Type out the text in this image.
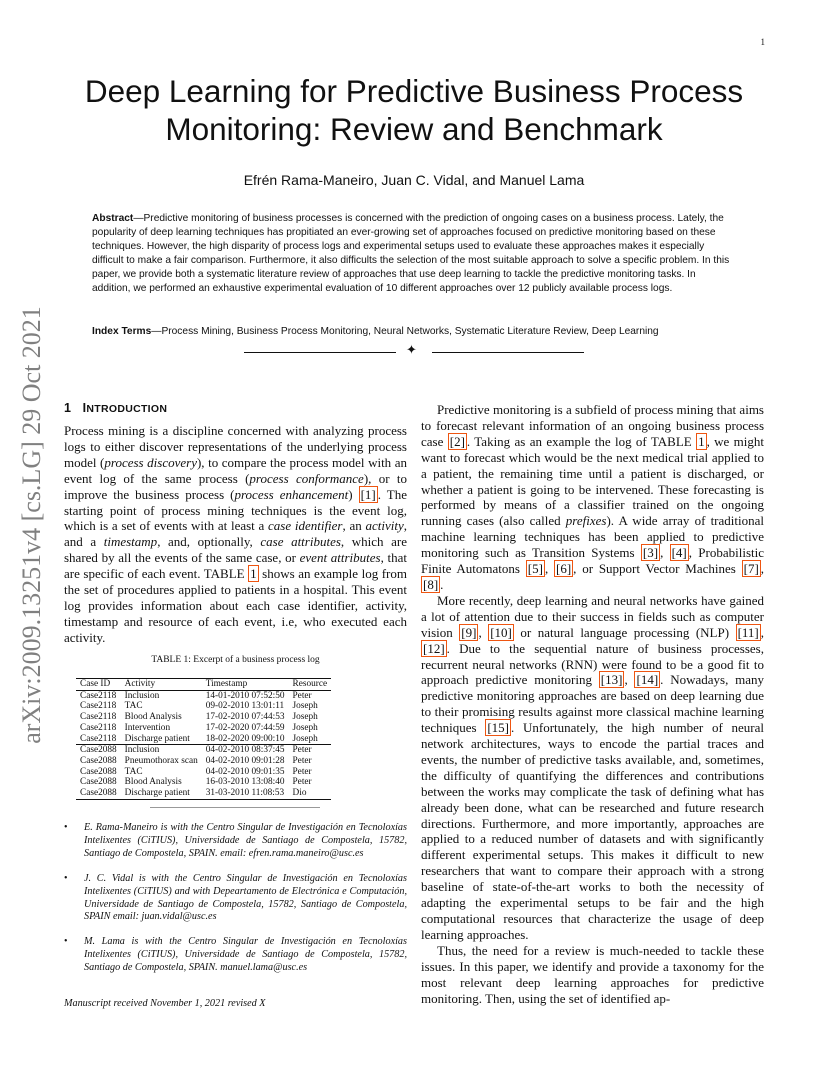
1
Deep Learning for Predictive Business Process Monitoring: Review and Benchmark
Efrén Rama-Maneiro, Juan C. Vidal, and Manuel Lama

Abstract—Predictive monitoring of business processes is concerned with the prediction of ongoing cases on a business process. Lately, the popularity of deep learning techniques has propitiated an ever-growing set of approaches focused on predictive monitoring based on these techniques. However, the high disparity of process logs and experimental setups used to evaluate these approaches makes it especially difficult to make a fair comparison. Furthermore, it also difficults the selection of the most suitable approach to solve a specific problem. In this paper, we provide both a systematic literature review of approaches that use deep learning to tackle the predictive monitoring tasks. In addition, we performed an exhaustive experimental evaluation of 10 different approaches over 12 publicly available process logs.

Index Terms—Process Mining, Business Process Monitoring, Neural Networks, Systematic Literature Review, Deep Learning

✦
arXiv:2009.13251v4 [cs.LG] 29 Oct 2021 1 INTRODUCTION

Process mining is a discipline concerned with analyzing process logs to either discover representations of the underlying process model (process discovery), to compare the process model with an event log of the same process (process conformance), or to improve the business process (process enhancement) [1] . The starting point of process mining techniques is the event log, which is a set of events with at least a case identifier, an activity, and a timestamp, and, optionally, case attributes, which are shared by all the events of the same case, or event attributes, that are specific of each event. TABLE 1 shows an example log from the set of procedures applied to patients in a hospital. This event log provides information about each case identifier, activity, timestamp and resource of each event, i.e, who executed each activity.

TABLE 1: Excerpt of a business process log
Case ID	Activity	Timestamp	Resource
Case2118	Inclusion	14-01-2010 07:52:50	Peter
Case2118	TAC	09-02-2010 13:01:11	Joseph
Case2118	Blood Analysis	17-02-2010 07:44:53	Joseph
Case2118	Intervention	17-02-2020 07:44:59	Joseph
Case2118	Discharge patient	18-02-2020 09:00:10	Joseph
Case2088	Inclusion	04-02-2010 08:37:45	Peter
Case2088	Pneumothorax scan	04-02-2010 09:01:28	Peter
Case2088	TAC	04-02-2010 09:01:35	Peter
Case2088	Blood Analysis	16-03-2010 13:08:40	Peter
Case2088	Discharge patient	31-03-2010 11:08:53	Dio
• E. Rama-Maneiro is with the Centro Singular de Investigación en Tecnoloxías Intelixentes (CiTIUS), Universidade de Santiago de Compostela, 15782, Santiago de Compostela, SPAIN. email: efren.rama.maneiro@usc.es
• J. C. Vidal is with the Centro Singular de Investigación en Tecnoloxías Intelixentes (CiTIUS) and with Depeartamento de Electrónica e Computación, Universidade de Santiago de Compostela, 15782, Santiago de Compostela, SPAIN email: juan.vidal@usc.es
• M. Lama is with the Centro Singular de Investigación en Tecnoloxías Intelixentes (CiTIUS), Universidade de Santiago de Compostela, 15782, Santiago de Compostela, SPAIN. manuel.lama@usc.es
Manuscript received November 1, 2021 revised X

Predictive monitoring is a subfield of process mining that aims to forecast relevant information of an ongoing business process case [2] . Taking as an example the log of TABLE 1 , we might want to forecast which would be the next medical trial applied to a patient, the remaining time until a patient is discharged, or whether a patient is going to be intervened. These forecasting is performed by means of a classifier trained on the ongoing running cases (also called prefixes). A wide array of traditional machine learning techniques has been applied to predictive monitoring such as Transition Systems [3] , [4] , Probabilistic Finite Automatons [5] , [6] , or Support Vector Machines [7] , [8] .

More recently, deep learning and neural networks have gained a lot of attention due to their success in fields such as computer vision [9] , [10] or natural language processing (NLP) [11] , [12] . Due to the sequential nature of business processes, recurrent neural networks (RNN) were found to be a good fit to approach predictive monitoring [13] , [14] . Nowadays, many predictive monitoring approaches are based on deep learning due to their promising results against more classical machine learning techniques [15] . Unfortunately, the high number of neural network architectures, ways to encode the partial traces and events, the number of predictive tasks available, and, sometimes, the difficulty of quantifying the differences and contributions between the works may complicate the task of defining what has already been done, what can be researched and future research directions. Furthermore, and more importantly, approaches are applied to a reduced number of datasets and with significantly different experimental setups. This makes it difficult to new researchers that want to compare their approach with a strong baseline of state-of-the-art works to both the necessity of adapting the experimental setups to be fair and the high computational resources that characterize the usage of deep learning approaches.

Thus, the need for a review is much-needed to tackle these issues. In this paper, we identify and provide a taxonomy for the most relevant deep learning approaches for predictive monitoring. Then, using the set of identified ap-
